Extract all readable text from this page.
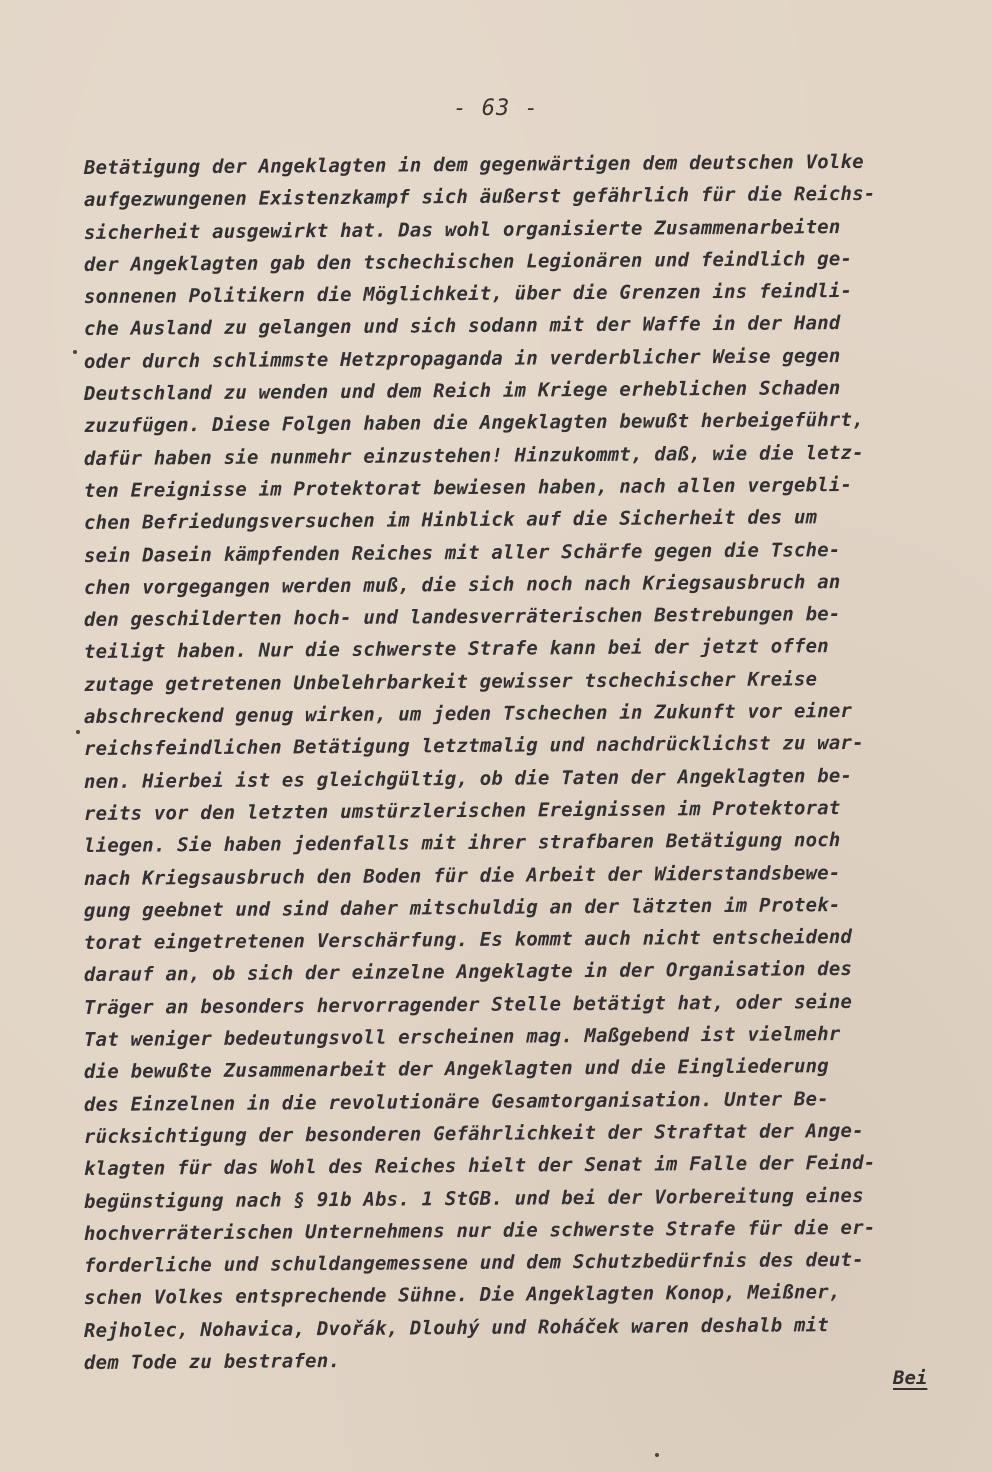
- 63 -
Betätigung der Angeklagten in dem gegenwärtigen dem deutschen Volke
aufgezwungenen Existenzkampf sich äußerst gefährlich für die Reichs-
sicherheit ausgewirkt hat. Das wohl organisierte Zusammenarbeiten
der Angeklagten gab den tschechischen Legionären und feindlich ge-
sonnenen Politikern die Möglichkeit, über die Grenzen ins feindli-
che Ausland zu gelangen und sich sodann mit der Waffe in der Hand
oder durch schlimmste Hetzpropaganda in verderblicher Weise gegen
Deutschland zu wenden und dem Reich im Kriege erheblichen Schaden
zuzufügen. Diese Folgen haben die Angeklagten bewußt herbeigeführt,
dafür haben sie nunmehr einzustehen! Hinzukommt, daß, wie die letz-
ten Ereignisse im Protektorat bewiesen haben, nach allen vergebli-
chen Befriedungsversuchen im Hinblick auf die Sicherheit des um
sein Dasein kämpfenden Reiches mit aller Schärfe gegen die Tsche-
chen vorgegangen werden muß, die sich noch nach Kriegsausbruch an
den geschilderten hoch- und landesverräterischen Bestrebungen be-
teiligt haben. Nur die schwerste Strafe kann bei der jetzt offen
zutage getretenen Unbelehrbarkeit gewisser tschechischer Kreise
abschreckend genug wirken, um jeden Tschechen in Zukunft vor einer
reichsfeindlichen Betätigung letztmalig und nachdrücklichst zu war-
nen. Hierbei ist es gleichgültig, ob die Taten der Angeklagten be-
reits vor den letzten umstürzlerischen Ereignissen im Protektorat
liegen. Sie haben jedenfalls mit ihrer strafbaren Betätigung noch
nach Kriegsausbruch den Boden für die Arbeit der Widerstandsbewe-
gung geebnet und sind daher mitschuldig an der lätzten im Protek-
torat eingetretenen Verschärfung. Es kommt auch nicht entscheidend
darauf an, ob sich der einzelne Angeklagte in der Organisation des
Träger an besonders hervorragender Stelle betätigt hat, oder seine
Tat weniger bedeutungsvoll erscheinen mag. Maßgebend ist vielmehr
die bewußte Zusammenarbeit der Angeklagten und die Eingliederung
des Einzelnen in die revolutionäre Gesamtorganisation. Unter Be-
rücksichtigung der besonderen Gefährlichkeit der Straftat der Ange-
klagten für das Wohl des Reiches hielt der Senat im Falle der Feind-
begünstigung nach § 91b Abs. 1 StGB. und bei der Vorbereitung eines
hochverräterischen Unternehmens nur die schwerste Strafe für die er-
forderliche und schuldangemessene und dem Schutzbedürfnis des deut-
schen Volkes entsprechende Sühne. Die Angeklagten Konop, Meißner,
Rejholec, Nohavica, Dvořák, Dlouhý und Roháček waren deshalb mit
dem Tode zu bestrafen.
Bei
